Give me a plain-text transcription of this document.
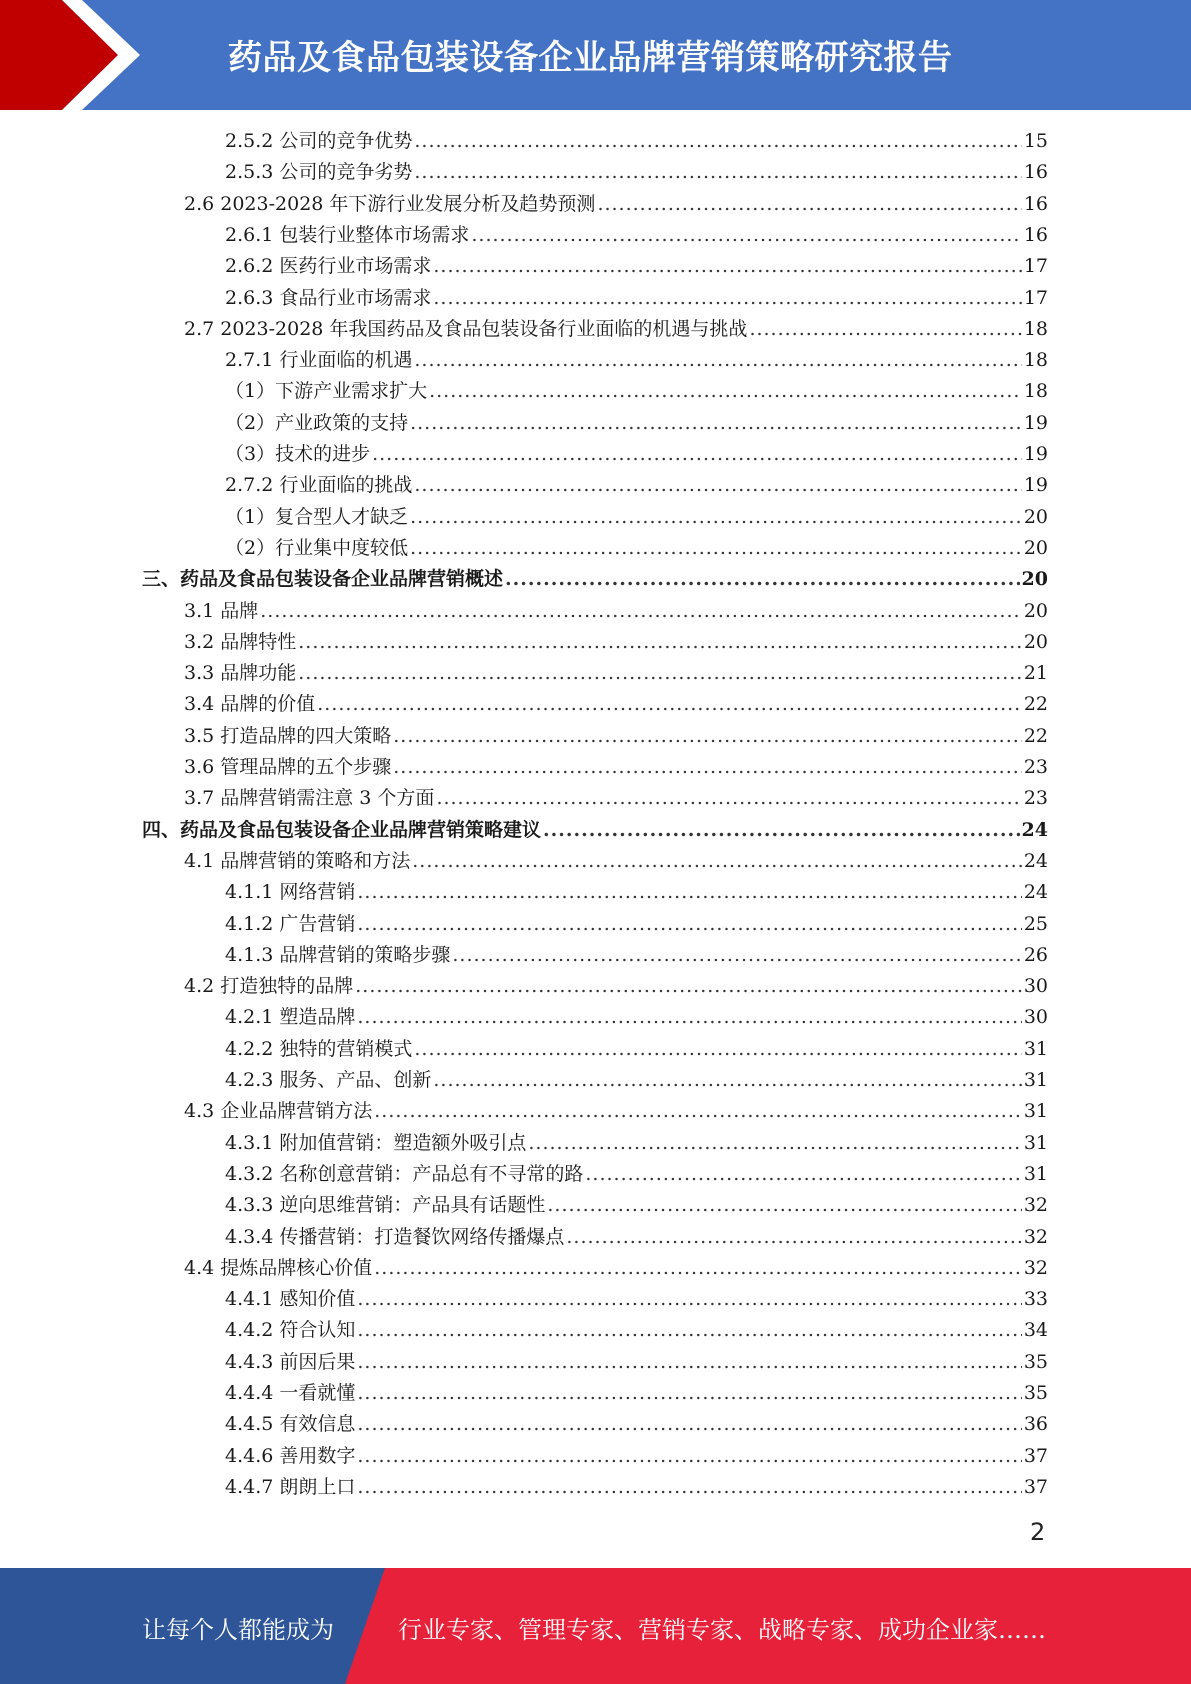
药品及食品包装设备企业品牌营销策略研究报告
2.5.2 公司的竞争优势 .....	15
2.5.3 公司的竞争劣势 .....	16
2.6 2023-2028 年下游行业发展分析及趋势预测 .....	16
2.6.1 包装行业整体市场需求 .....	16
2.6.2 医药行业市场需求 .....	17
2.6.3 食品行业市场需求 .....	17
2.7 2023-2028 年我国药品及食品包装设备行业面临的机遇与挑战 .....	18
2.7.1 行业面临的机遇 .....	18
（1）下游产业需求扩大 .....	18
（2）产业政策的支持 .....	19
（3）技术的进步 .....	19
2.7.2 行业面临的挑战 .....	19
（1）复合型人才缺乏 .....	20
（2）行业集中度较低 .....	20
三、药品及食品包装设备企业品牌营销概述 .....	20
3.1 品牌 .....	20
3.2 品牌特性 .....	20
3.3 品牌功能 .....	21
3.4 品牌的价值 .....	22
3.5 打造品牌的四大策略 .....	22
3.6 管理品牌的五个步骤 .....	23
3.7 品牌营销需注意 3 个方面 .....	23
四、药品及食品包装设备企业品牌营销策略建议 .....	24
4.1 品牌营销的策略和方法 .....	24
4.1.1 网络营销 .....	24
4.1.2 广告营销 .....	25
4.1.3 品牌营销的策略步骤 .....	26
4.2 打造独特的品牌 .....	30
4.2.1 塑造品牌 .....	30
4.2.2 独特的营销模式 .....	31
4.2.3 服务、产品、创新 .....	31
4.3 企业品牌营销方法 .....	31
4.3.1 附加值营销：塑造额外吸引点 .....	31
4.3.2 名称创意营销：产品总有不寻常的路 .....	31
4.3.3 逆向思维营销：产品具有话题性 .....	32
4.3.4 传播营销：打造餐饮网络传播爆点 .....	32
4.4 提炼品牌核心价值 .....	32
4.4.1 感知价值 .....	33
4.4.2 符合认知 .....	34
4.4.3 前因后果 .....	35
4.4.4 一看就懂 .....	35
4.4.5 有效信息 .....	36
4.4.6 善用数字 .....	37
4.4.7 朗朗上口 .....	37
2
让每个人都能成为	行业专家、管理专家、营销专家、战略专家、成功企业家……
